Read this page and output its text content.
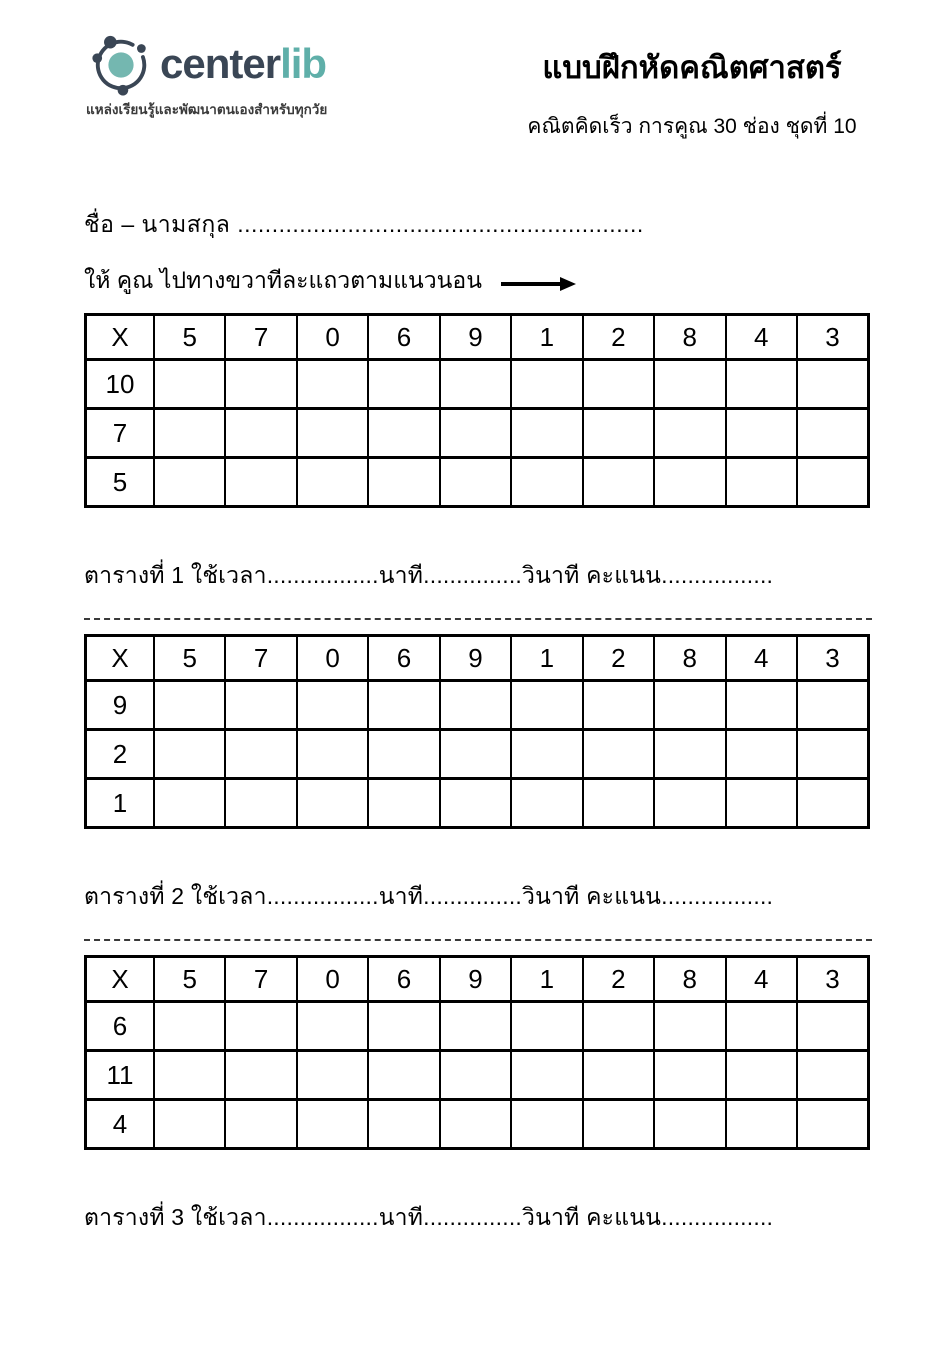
centerlib
แหล่งเรียนรู้และพัฒนาตนเองสำหรับทุกวัย
แบบฝึกหัดคณิตศาสตร์
คณิตคิดเร็ว การคูณ 30 ช่อง ชุดที่ 10
ชื่อ – นามสกุล ...........................................................
ให้ คูณ ไปทางขวาทีละแถวตามแนวนอน
X	5	7	0	6	9	1	2	8	4	3
10										
7										
5										
ตารางที่ 1 ใช้เวลา.................นาที...............วินาที คะแนน.................
X	5	7	0	6	9	1	2	8	4	3
9										
2										
1										
ตารางที่ 2 ใช้เวลา.................นาที...............วินาที คะแนน.................
X	5	7	0	6	9	1	2	8	4	3
6										
11										
4										
ตารางที่ 3 ใช้เวลา.................นาที...............วินาที คะแนน.................
